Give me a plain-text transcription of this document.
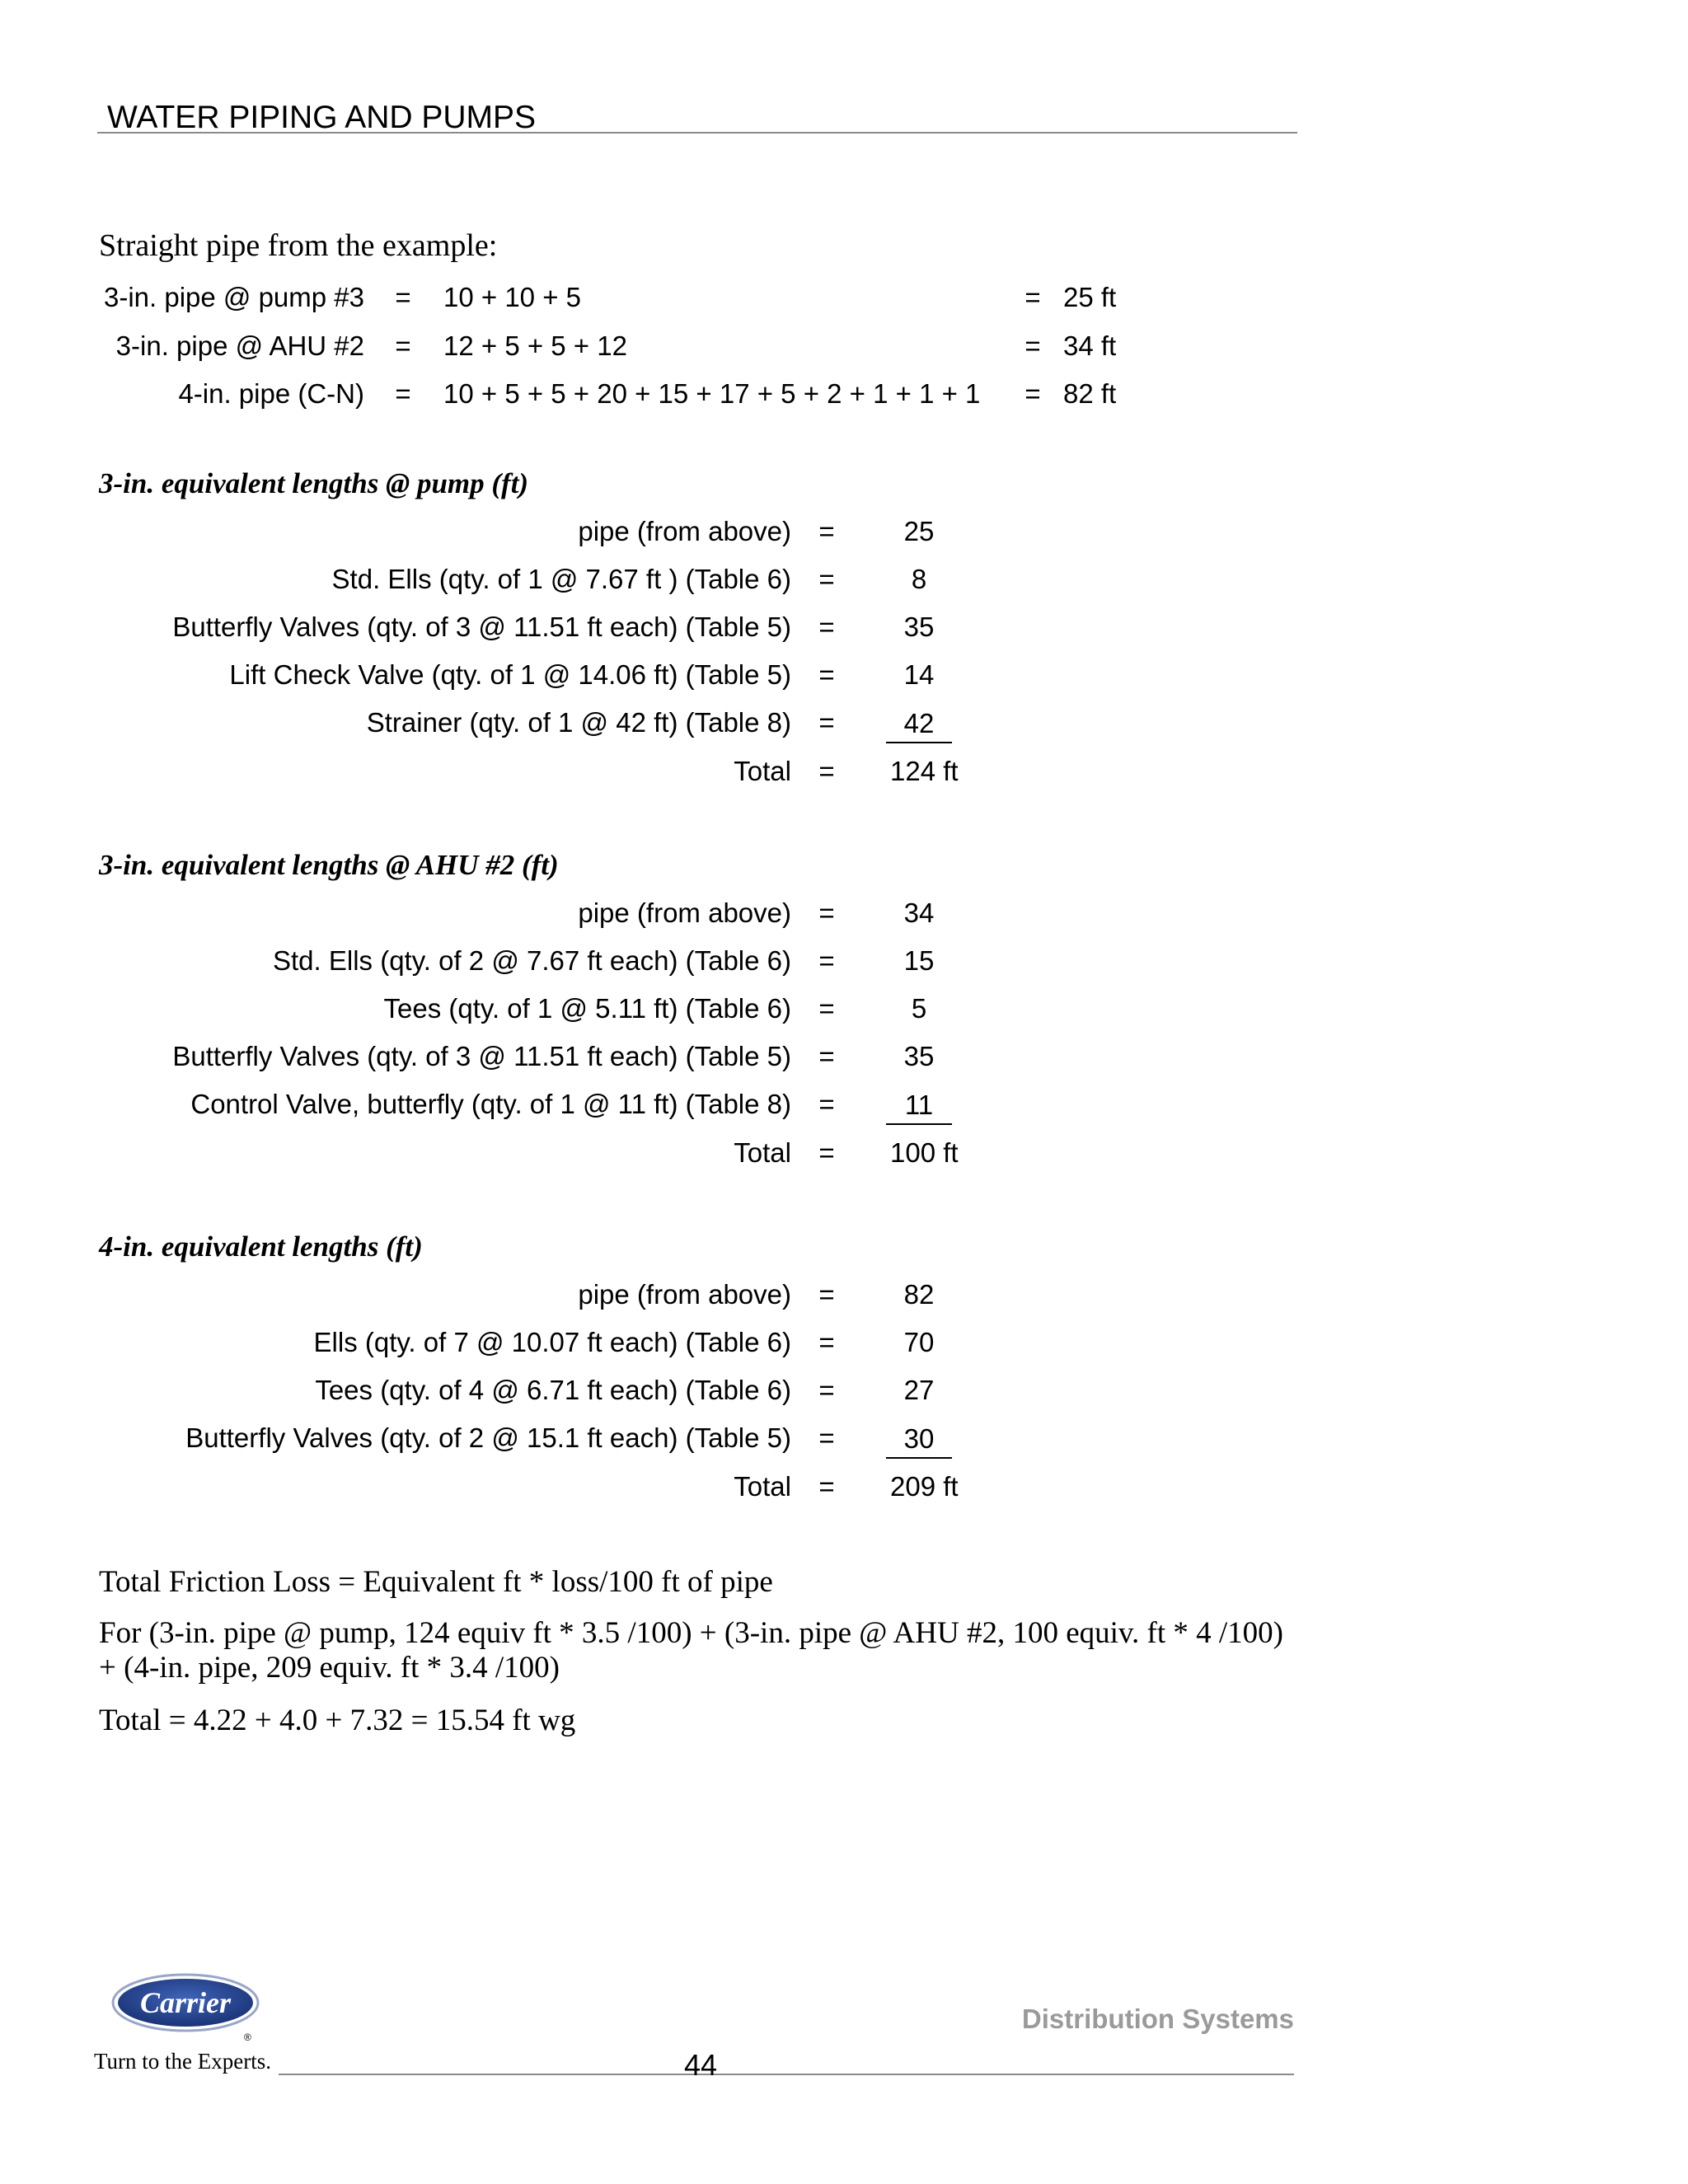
WATER PIPING AND PUMPS
Straight pipe from the example:
3-in. pipe @ pump #3 = 10 + 10 + 5	= 25 ft
3-in. pipe @ AHU #2 = 12 + 5 + 5 + 12	= 34 ft
4-in. pipe (C-N) = 10 + 5 + 5 + 20 + 15 + 17 + 5 + 2 + 1 + 1 + 1 = 82 ft
3-in. equivalent lengths @ pump (ft)
pipe (from above) =	25
Std. Ells (qty. of 1 @ 7.67 ft ) (Table 6) =	8
Butterfly Valves (qty. of 3 @ 11.51 ft each) (Table 5) =	35
Lift Check Valve (qty. of 1 @ 14.06 ft) (Table 5) =	14
Strainer (qty. of 1 @ 42 ft) (Table 8) =	42
Total = 124 ft
3-in. equivalent lengths @ AHU #2 (ft)
pipe (from above) =	34
Std. Ells (qty. of 2 @ 7.67 ft each) (Table 6) =	15
Tees (qty. of 1 @ 5.11 ft) (Table 6) =	5
Butterfly Valves (qty. of 3 @ 11.51 ft each) (Table 5) =	35
Control Valve, butterfly (qty. of 1 @ 11 ft) (Table 8) =	11
Total = 100 ft
4-in. equivalent lengths (ft)
pipe (from above) =	82
Ells (qty. of 7 @ 10.07 ft each) (Table 6) =	70
Tees (qty. of 4 @ 6.71 ft each) (Table 6) =	27
Butterfly Valves (qty. of 2 @ 15.1 ft each) (Table 5) =	30
Total = 209 ft
Total Friction Loss = Equivalent ft * loss/100 ft of pipe
For (3-in. pipe @ pump, 124 equiv ft * 3.5 /100) + (3-in. pipe @ AHU #2, 100 equiv. ft * 4 /100)
+ (4-in. pipe, 209 equiv. ft * 3.4 /100)
Total = 4.22 + 4.0 + 7.32 = 15.54 ft wg
Carrier
®
Turn to the Experts.
Distribution Systems
44
